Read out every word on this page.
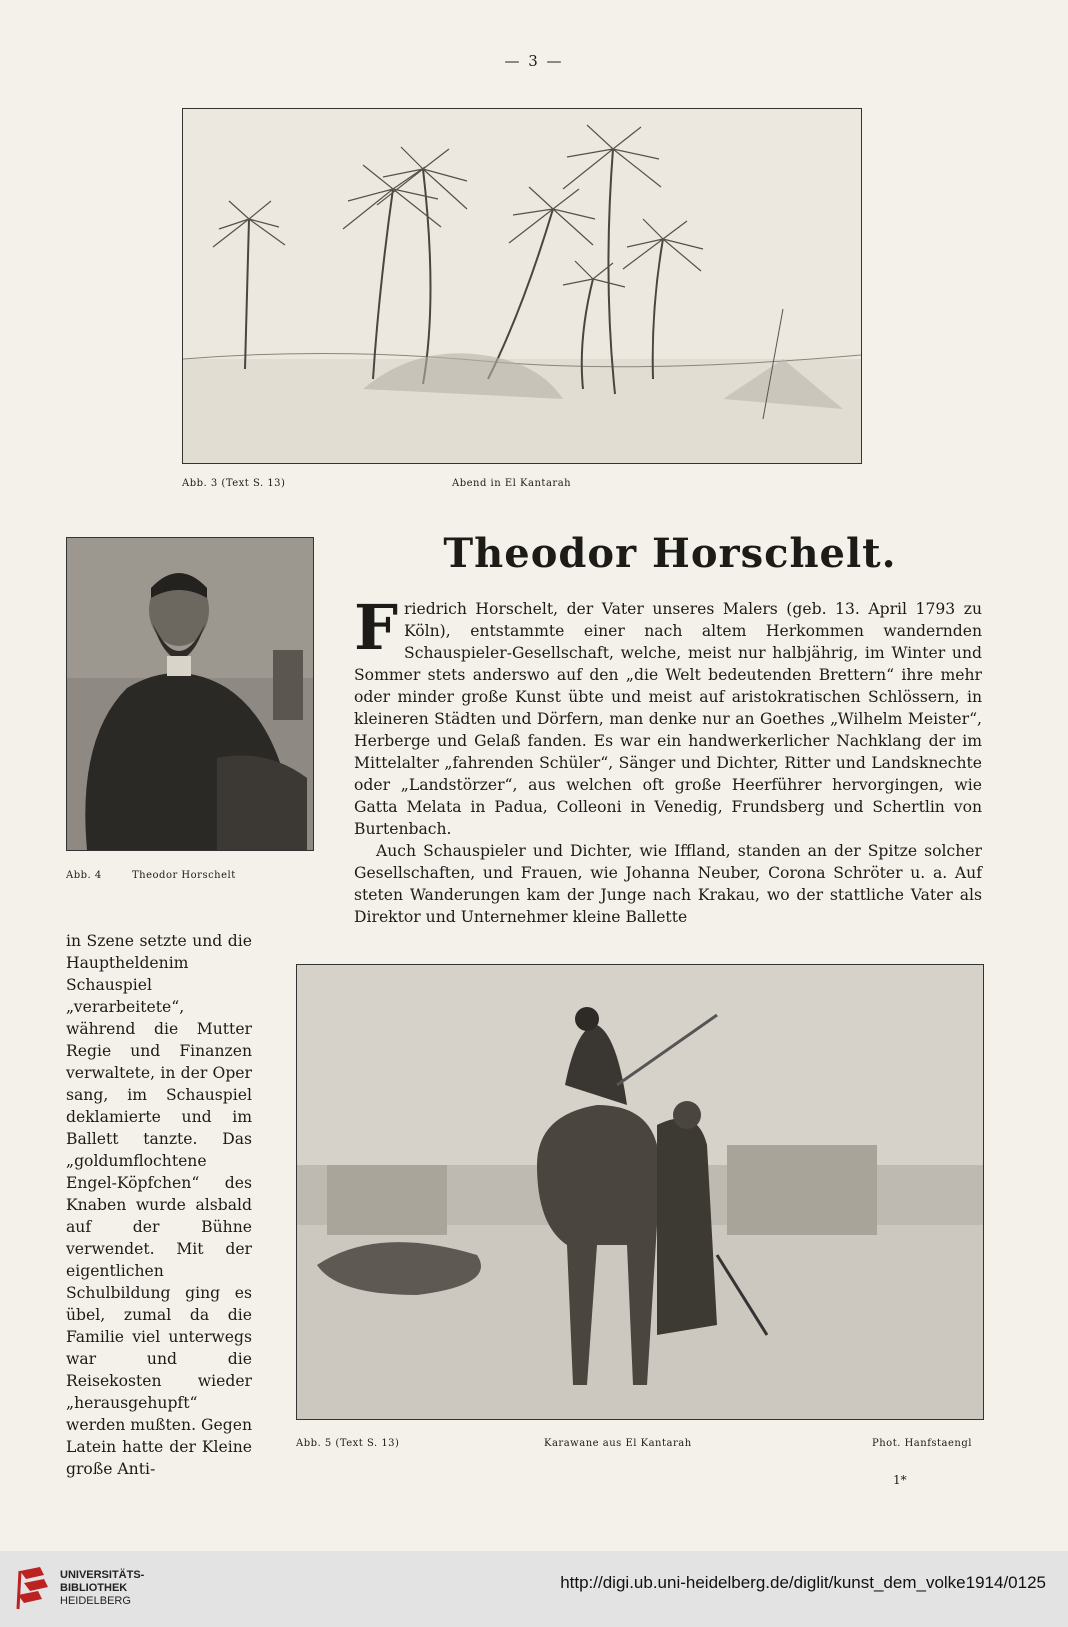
— 3 —
Abb. 3 (Text S. 13)	Abend in El Kantarah
Abb. 4	Theodor Horschelt
Theodor Horschelt.

Friedrich Horschelt, der Vater unseres Malers (geb. 13. April 1793 zu Köln), entstammte einer nach altem Herkommen wandernden Schauspieler-Gesellschaft, welche, meist nur halbjährig, im Winter und Sommer stets anderswo auf den „die Welt bedeutenden Brettern“ ihre mehr oder minder große Kunst übte und meist auf aristokratischen Schlössern, in kleineren Städten und Dörfern, man denke nur an Goethes „Wilhelm Meister“, Herberge und Gelaß fanden. Es war ein handwerkerlicher Nachklang der im Mittelalter „fahrenden Schüler“, Sänger und Dichter, Ritter und Landsknechte oder „Landstörzer“, aus welchen oft große Heerführer hervorgingen, wie Gatta Melata in Padua, Colleoni in Venedig, Frundsberg und Schertlin von Burtenbach.

Auch Schauspieler und Dichter, wie Iffland, standen an der Spitze solcher Gesellschaften, und Frauen, wie Johanna Neuber, Corona Schröter u. a. Auf steten Wanderungen kam der Junge nach Krakau, wo der stattliche Vater als Direktor und Unternehmer kleine Ballette

in Szene setzte und die Hauptheldenim Schauspiel „verarbeitete“, während die Mutter Regie und Finanzen verwaltete, in der Oper sang, im Schauspiel deklamierte und im Ballett tanzte. Das „goldumflochtene Engel-Köpfchen“ des Knaben wurde alsbald auf der Bühne verwendet. Mit der eigentlichen Schulbildung ging es übel, zumal da die Familie viel unterwegs war und die Reisekosten wieder „herausgehupft“ werden mußten. Gegen Latein hatte der Kleine große Anti-
Abb. 5 (Text S. 13)	Karawane aus El Kantarah	Phot. Hanfstaengl
1*
UNIVERSITÄTS-
BIBLIOTHEK
HEIDELBERG
http://digi.ub.uni-heidelberg.de/diglit/kunst_dem_volke1914/0125
